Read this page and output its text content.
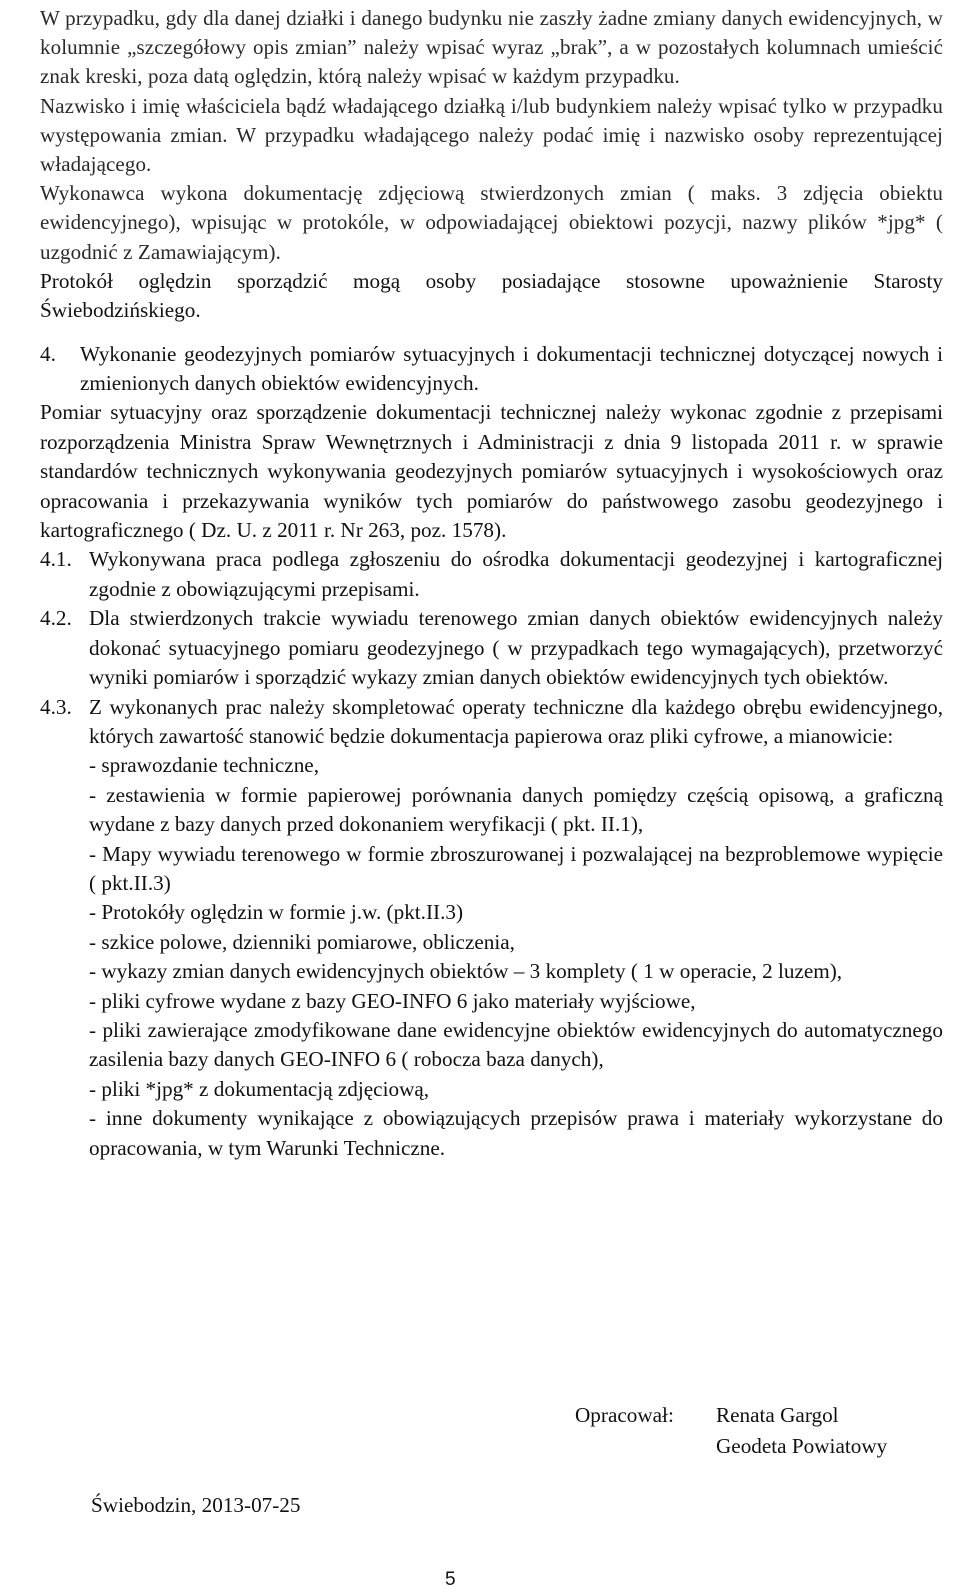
W przypadku, gdy dla danej działki i danego budynku nie zaszły żadne zmiany danych ewidencyjnych, w kolumnie „szczegółowy opis zmian” należy wpisać wyraz „brak”, a w pozostałych kolumnach umieścić znak kreski, poza datą oględzin, którą należy wpisać w każdym przypadku.

Nazwisko i imię właściciela bądź władającego działką i/lub budynkiem należy wpisać tylko w przypadku występowania zmian. W przypadku władającego należy podać imię i nazwisko osoby reprezentującej władającego.

Wykonawca wykona dokumentację zdjęciową stwierdzonych zmian ( maks. 3 zdjęcia obiektu ewidencyjnego), wpisując w protokóle, w odpowiadającej obiektowi pozycji, nazwy plików *jpg* ( uzgodnić z Zamawiającym).

Protokół oględzin sporządzić mogą osoby posiadające stosowne upoważnienie Starosty Świebodzińskiego.

4.	Wykonanie geodezyjnych pomiarów sytuacyjnych i dokumentacji technicznej dotyczącej nowych i zmienionych danych obiektów ewidencyjnych.

Pomiar sytuacyjny oraz sporządzenie dokumentacji technicznej należy wykonac zgodnie z przepisami rozporządzenia Ministra Spraw Wewnętrznych i Administracji z dnia 9 listopada 2011 r. w sprawie standardów technicznych wykonywania geodezyjnych pomiarów sytuacyjnych i wysokościowych oraz opracowania i przekazywania wyników tych pomiarów do państwowego zasobu geodezyjnego i kartograficznego ( Dz. U. z 2011 r. Nr 263, poz. 1578).

4.1. Wykonywana praca podlega zgłoszeniu do ośrodka dokumentacji geodezyjnej i kartograficznej zgodnie z obowiązującymi przepisami.

4.2. Dla stwierdzonych trakcie wywiadu terenowego zmian danych obiektów ewidencyjnych należy dokonać sytuacyjnego pomiaru geodezyjnego ( w przypadkach tego wymagających), przetworzyć wyniki pomiarów i sporządzić wykazy zmian danych obiektów ewidencyjnych tych obiektów.

4.3. Z wykonanych prac należy skompletować operaty techniczne dla każdego obrębu ewidencyjnego, których zawartość stanowić będzie dokumentacja papierowa oraz pliki cyfrowe, a mianowicie:

- sprawozdanie techniczne,

- zestawienia w formie papierowej porównania danych pomiędzy częścią opisową, a graficzną wydane z bazy danych przed dokonaniem weryfikacji ( pkt. II.1),

- Mapy wywiadu terenowego w formie zbroszurowanej i pozwalającej na bezproblemowe wypięcie ( pkt.II.3)

- Protokóły oględzin w formie j.w. (pkt.II.3)

- szkice polowe, dzienniki pomiarowe, obliczenia,

- wykazy zmian danych ewidencyjnych obiektów – 3 komplety ( 1 w operacie, 2 luzem),

- pliki cyfrowe wydane z bazy GEO-INFO 6 jako materiały wyjściowe,

- pliki zawierające zmodyfikowane dane ewidencyjne obiektów ewidencyjnych do automatycznego zasilenia bazy danych GEO-INFO 6 ( robocza baza danych),

- pliki *jpg* z dokumentacją zdjęciową,

- inne dokumenty wynikające z obowiązujących przepisów prawa i materiały wykorzystane do opracowania, w tym Warunki Techniczne.

Opracował: Renata Gargol
Geodeta Powiatowy
Świebodzin, 2013-07-25
5
